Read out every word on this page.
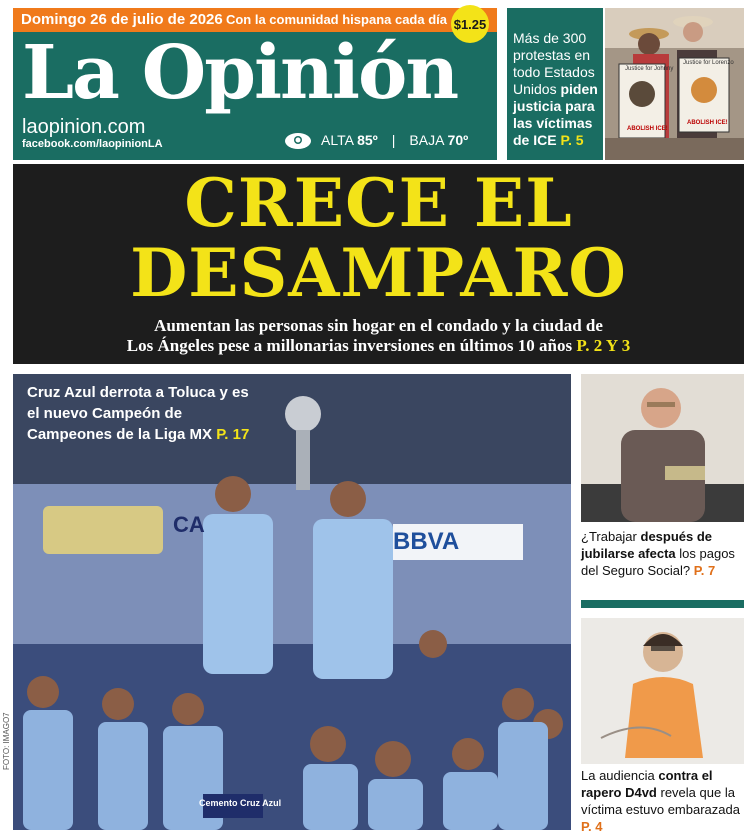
Domingo 26 de julio de 2026 Con la comunidad hispana cada día $1.25
La Opinión
laopinion.com
facebook.com/laopinionLA	ALTA 85º | BAJA 70º
Más de 300 protestas en todo Estados Unidos piden justicia para las víctimas de ICE P. 5
Justice for Johnny
ABOLISH ICE!
Justice for Lorenzo
ABOLISH ICE!
CRECE EL
DESAMPARO
Aumentan las personas sin hogar en el condado y la ciudad de
Los Ángeles pese a millonarias inversiones en últimos 10 años P. 2 Y 3
CA
BBVA
Cemento Cruz Azul
Cruz Azul derrota a Toluca y es el nuevo Campeón de Campeones de la Liga MX P. 17
FOTO: IMAGO7
¿Trabajar después de jubilarse afecta los pagos del Seguro Social? P. 7
La audiencia contra el rapero D4vd revela que la víctima estuvo embarazada P. 4
